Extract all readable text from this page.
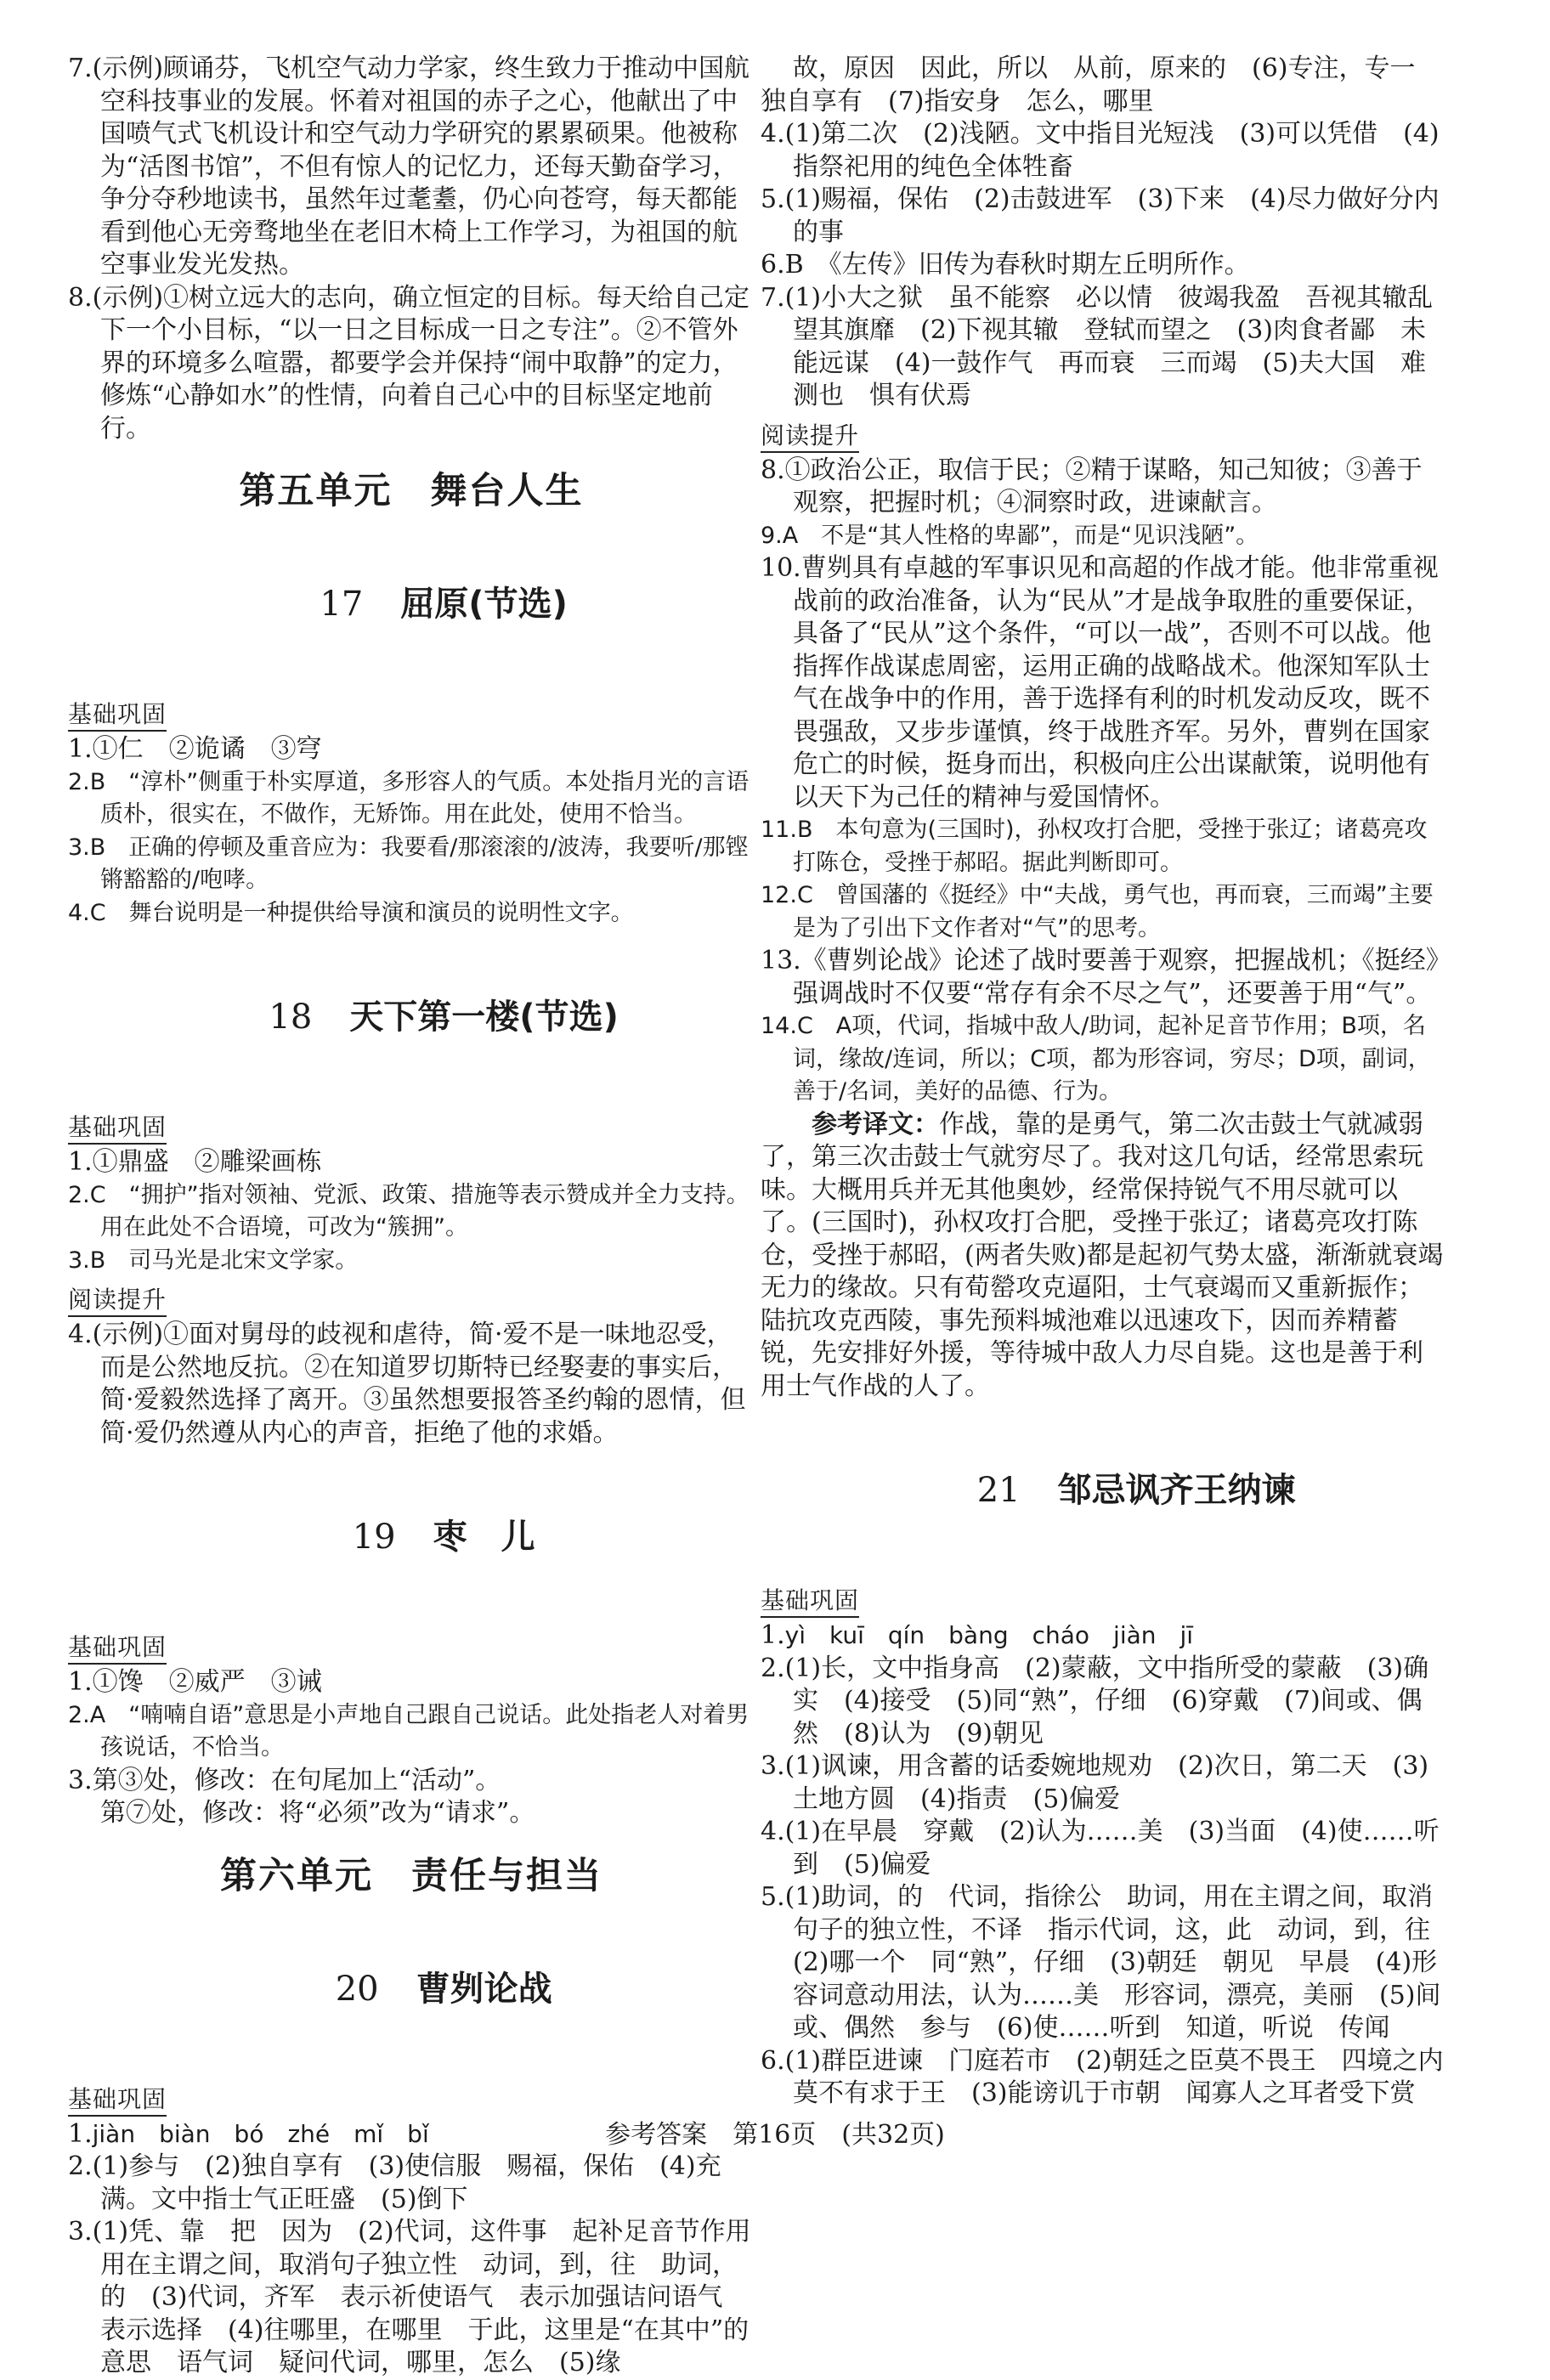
7.(示例)顾诵芬，飞机空气动力学家，终生致力于推动中国航空科技事业的发展。怀着对祖国的赤子之心，他献出了中国喷气式飞机设计和空气动力学研究的累累硕果。他被称为“活图书馆”，不但有惊人的记忆力，还每天勤奋学习，争分夺秒地读书，虽然年过耄耋，仍心向苍穹，每天都能看到他心无旁骛地坐在老旧木椅上工作学习，为祖国的航空事业发光发热。

8.(示例)①树立远大的志向，确立恒定的目标。每天给自己定下一个小目标，“以一日之目标成一日之专注”。②不管外界的环境多么喧嚣，都要学会并保持“闹中取静”的定力，修炼“心静如水”的性情，向着自己心中的目标坚定地前行。

第五单元　舞台人生

17 屈原(节选)

基础巩固

1.①仁　②诡谲　③穹

2.B　“淳朴”侧重于朴实厚道，多形容人的气质。本处指月光的言语质朴，很实在，不做作，无矫饰。用在此处，使用不恰当。

3.B　正确的停顿及重音应为：我要看/那滚滚的/波涛，我要听/那铿锵豁豁的/咆哮。

4.C　舞台说明是一种提供给导演和演员的说明性文字。

18 天下第一楼(节选)

基础巩固

1.①鼎盛　②雕梁画栋

2.C　“拥护”指对领袖、党派、政策、措施等表示赞成并全力支持。用在此处不合语境，可改为“簇拥”。

3.B　司马光是北宋文学家。

阅读提升

4.(示例)①面对舅母的歧视和虐待，简·爱不是一味地忍受，而是公然地反抗。②在知道罗切斯特已经娶妻的事实后，简·爱毅然选择了离开。③虽然想要报答圣约翰的恩情，但简·爱仍然遵从内心的声音，拒绝了他的求婚。

19 枣　儿

基础巩固

1.①馋　②威严　③诫

2.A　“喃喃自语”意思是小声地自己跟自己说话。此处指老人对着男孩说话，不恰当。

3.第③处，修改：在句尾加上“活动”。

第⑦处，修改：将“必须”改为“请求”。

第六单元　责任与担当

20 曹刿论战

基础巩固

1.jiàn　biàn　bó　zhé　mǐ　bǐ

2.(1)参与　(2)独自享有　(3)使信服　赐福，保佑　(4)充满。文中指士气正旺盛　(5)倒下

3.(1)凭、靠　把　因为　(2)代词，这件事　起补足音节作用　用在主谓之间，取消句子独立性　动词，到，往　助词，的　(3)代词，齐军　表示祈使语气　表示加强诘问语气　表示选择　(4)往哪里，在哪里　于此，这里是“在其中”的意思　语气词　疑问代词，哪里，怎么　(5)缘

故，原因　因此，所以　从前，原来的　(6)专注，专一　独自享有　(7)指安身　怎么，哪里

4.(1)第二次　(2)浅陋。文中指目光短浅　(3)可以凭借　(4)指祭祀用的纯色全体牲畜

5.(1)赐福，保佑　(2)击鼓进军　(3)下来　(4)尽力做好分内的事

6.B　《左传》旧传为春秋时期左丘明所作。

7.(1)小大之狱　虽不能察　必以情　彼竭我盈　吾视其辙乱　望其旗靡　(2)下视其辙　登轼而望之　(3)肉食者鄙　未能远谋　(4)一鼓作气　再而衰　三而竭　(5)夫大国　难测也　惧有伏焉

阅读提升

8.①政治公正，取信于民；②精于谋略，知己知彼；③善于观察，把握时机；④洞察时政，进谏献言。

9.A　不是“其人性格的卑鄙”，而是“见识浅陋”。

10.曹刿具有卓越的军事识见和高超的作战才能。他非常重视战前的政治准备，认为“民从”才是战争取胜的重要保证，具备了“民从”这个条件，“可以一战”，否则不可以战。他指挥作战谋虑周密，运用正确的战略战术。他深知军队士气在战争中的作用，善于选择有利的时机发动反攻，既不畏强敌，又步步谨慎，终于战胜齐军。另外，曹刿在国家危亡的时候，挺身而出，积极向庄公出谋献策，说明他有以天下为己任的精神与爱国情怀。

11.B　本句意为(三国时)，孙权攻打合肥，受挫于张辽；诸葛亮攻打陈仓，受挫于郝昭。据此判断即可。

12.C　曾国藩的《挺经》中“夫战，勇气也，再而衰，三而竭”主要是为了引出下文作者对“气”的思考。

13.《曹刿论战》论述了战时要善于观察，把握战机；《挺经》强调战时不仅要“常存有余不尽之气”，还要善于用“气”。

14.C　A项，代词，指城中敌人/助词，起补足音节作用；B项，名词，缘故/连词，所以；C项，都为形容词，穷尽；D项，副词，善于/名词，美好的品德、行为。

参考译文：作战，靠的是勇气，第二次击鼓士气就减弱了，第三次击鼓士气就穷尽了。我对这几句话，经常思索玩味。大概用兵并无其他奥妙，经常保持锐气不用尽就可以了。(三国时)，孙权攻打合肥，受挫于张辽；诸葛亮攻打陈仓，受挫于郝昭，(两者失败)都是起初气势太盛，渐渐就衰竭无力的缘故。只有荀罃攻克逼阳，士气衰竭而又重新振作；陆抗攻克西陵，事先预料城池难以迅速攻下，因而养精蓄锐，先安排好外援，等待城中敌人力尽自毙。这也是善于利用士气作战的人了。

21 邹忌讽齐王纳谏

基础巩固

1.yì　kuī　qín　bàng　cháo　jiàn　jī

2.(1)长，文中指身高　(2)蒙蔽，文中指所受的蒙蔽　(3)确实　(4)接受　(5)同“熟”，仔细　(6)穿戴　(7)间或、偶然　(8)认为　(9)朝见

3.(1)讽谏，用含蓄的话委婉地规劝　(2)次日，第二天　(3)土地方圆　(4)指责　(5)偏爱

4.(1)在早晨　穿戴　(2)认为……美　(3)当面　(4)使……听到　(5)偏爱

5.(1)助词，的　代词，指徐公　助词，用在主谓之间，取消句子的独立性，不译　指示代词，这，此　动词，到，往　(2)哪一个　同“熟”，仔细　(3)朝廷　朝见　早晨　(4)形容词意动用法，认为……美　形容词，漂亮，美丽　(5)间或、偶然　参与　(6)使……听到　知道，听说　传闻

6.(1)群臣进谏　门庭若市　(2)朝廷之臣莫不畏王　四境之内莫不有求于王　(3)能谤讥于市朝　闻寡人之耳者受下赏

参考答案　第16页　(共32页)
